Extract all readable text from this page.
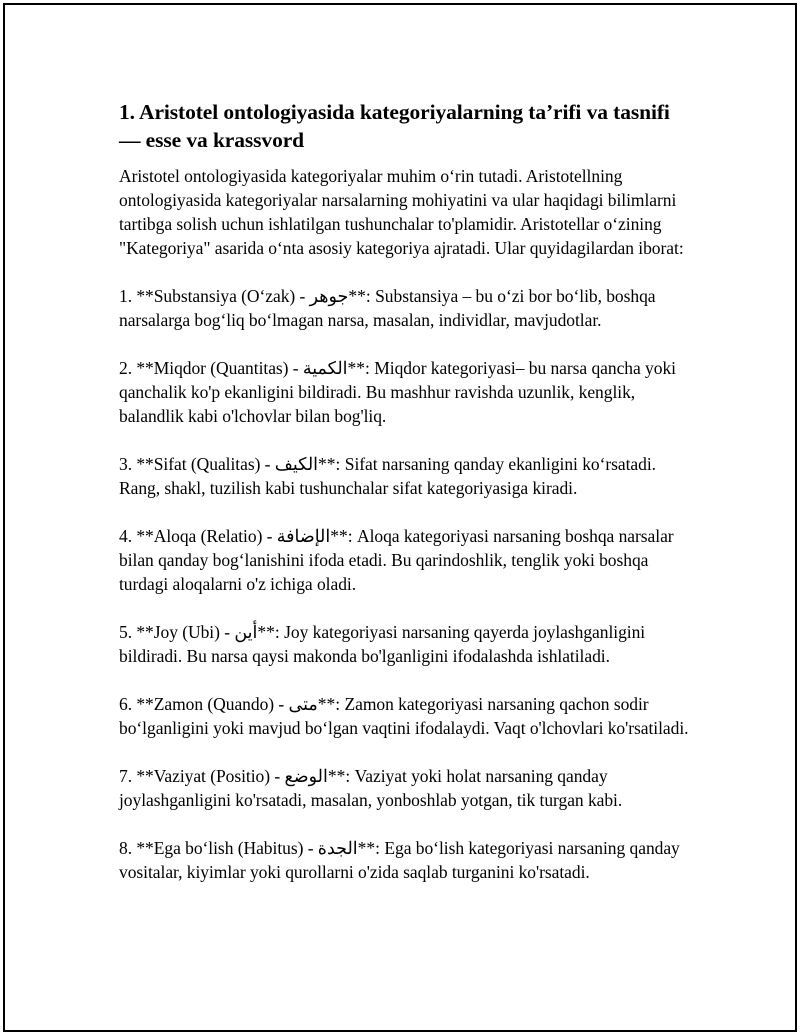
1. Aristotel ontologiyasida kategoriyalarning ta’rifi va tasnifi
— esse va krassvord

Aristotel ontologiyasida kategoriyalar muhim o‘rin tutadi. Aristotellning ontologiyasida kategoriyalar narsalarning mohiyatini va ular haqidagi bilimlarni tartibga solish uchun ishlatilgan tushunchalar to'plamidir. Aristotellar o‘zining "Kategoriya" asarida o‘nta asosiy kategoriya ajratadi. Ular quyidagilardan iborat:

1. **Substansiya (O‘zak) - جوهر**: Substansiya – bu o‘zi bor bo‘lib, boshqa narsalarga bog‘liq bo‘lmagan narsa, masalan, individlar, mavjudotlar.

2. **Miqdor (Quantitas) - الكمية**: Miqdor kategoriyasi– bu narsa qancha yoki qanchalik ko'p ekanligini bildiradi. Bu mashhur ravishda uzunlik, kenglik, balandlik kabi o'lchovlar bilan bog'liq.

3. **Sifat (Qualitas) - الكيف**: Sifat narsaning qanday ekanligini ko‘rsatadi. Rang, shakl, tuzilish kabi tushunchalar sifat kategoriyasiga kiradi.

4. **Aloqa (Relatio) - الإضافة**: Aloqa kategoriyasi narsaning boshqa narsalar bilan qanday bog‘lanishini ifoda etadi. Bu qarindoshlik, tenglik yoki boshqa turdagi aloqalarni o'z ichiga oladi.

5. **Joy (Ubi) - أين**: Joy kategoriyasi narsaning qayerda joylashganligini bildiradi. Bu narsa qaysi makonda bo'lganligini ifodalashda ishlatiladi.

6. **Zamon (Quando) - متى**: Zamon kategoriyasi narsaning qachon sodir bo‘lganligini yoki mavjud bo‘lgan vaqtini ifodalaydi. Vaqt o'lchovlari ko'rsatiladi.

7. **Vaziyat (Positio) - الوضع**: Vaziyat yoki holat narsaning qanday joylashganligini ko'rsatadi, masalan, yonboshlab yotgan, tik turgan kabi.

8. **Ega bo‘lish (Habitus) - الجدة**: Ega bo‘lish kategoriyasi narsaning qanday vositalar, kiyimlar yoki qurollarni o'zida saqlab turganini ko'rsatadi.
